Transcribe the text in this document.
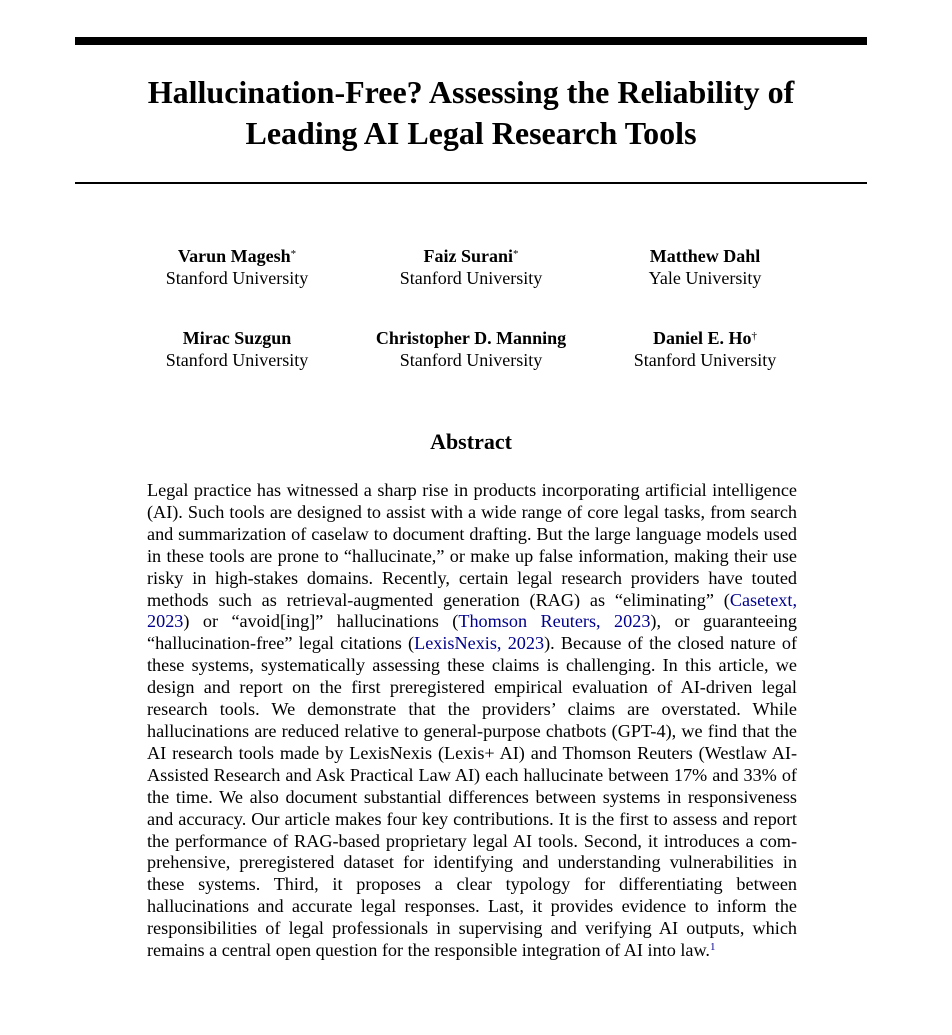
Hallucination-Free? Assessing the Reliability of
Leading AI Legal Research Tools
Varun Magesh*
Stanford University
Faiz Surani*
Stanford University
Matthew Dahl
Yale University
Mirac Suzgun
Stanford University
Christopher D. Manning
Stanford University
Daniel E. Ho†
Stanford University
Abstract

Legal practice has witnessed a sharp rise in products incorporating artificial intelligence (AI). Such tools are designed to assist with a wide range of core legal tasks, from search and summarization of caselaw to document drafting. But the large language models used in these tools are prone to “hallucinate,” or make up false information, making their use risky in high-stakes domains. Recently, certain legal research providers have touted methods such as retrieval-augmented generation (RAG) as “eliminating” (Casetext, 2023) or “avoid[ing]” hallucinations (Thomson Reuters, 2023), or guaranteeing “hallucination-free” legal citations (LexisNexis, 2023). Because of the closed nature of these systems, systematically assessing these claims is challenging. In this article, we design and report on the first preregistered empirical evaluation of AI-driven legal research tools. We demonstrate that the providers’ claims are overstated. While hallucinations are reduced relative to general-purpose chatbots (GPT-4), we find that the AI research tools made by LexisNexis (Lexis+ AI) and Thomson Reuters (Westlaw AI-Assisted Research and Ask Practical Law AI) each hallucinate between 17% and 33% of the time. We also document substantial differences between systems in responsiveness and accuracy. Our article makes four key contributions. It is the first to assess and report the performance of RAG-based proprietary legal AI tools. Second, it introduces a comprehensive, preregistered dataset for identifying and understanding vulnerabilities in these systems. Third, it proposes a clear typology for differentiating between hallucinations and accurate legal responses. Last, it provides evidence to inform the responsibilities of legal professionals in supervising and verifying AI outputs, which remains a central open question for the responsible integration of AI into law.$^1$
